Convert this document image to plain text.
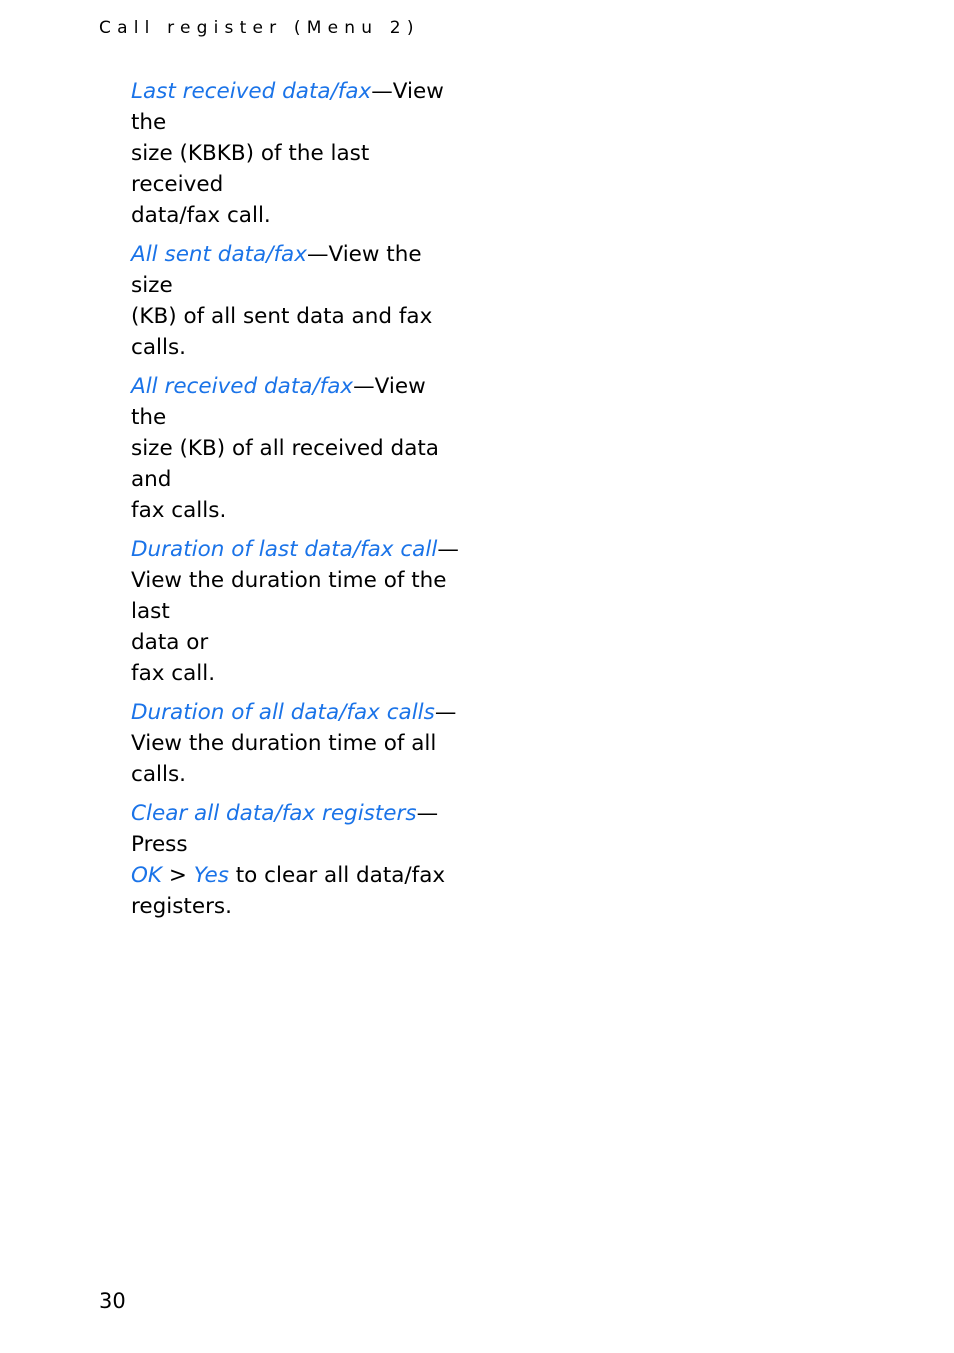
Call register (Menu 2)

Last received data/fax—View the
size (KBKB) of the last received
data/fax call.

All sent data/fax—View the size
(KB) of all sent data and fax calls.

All received data/fax—View the
size (KB) of all received data and
fax calls.

Duration of last data/fax call—
View the duration time of the last
data or
fax call.

Duration of all data/fax calls—
View the duration time of all
calls.

Clear all data/fax registers—Press
OK > Yes to clear all data/fax
registers.

30
